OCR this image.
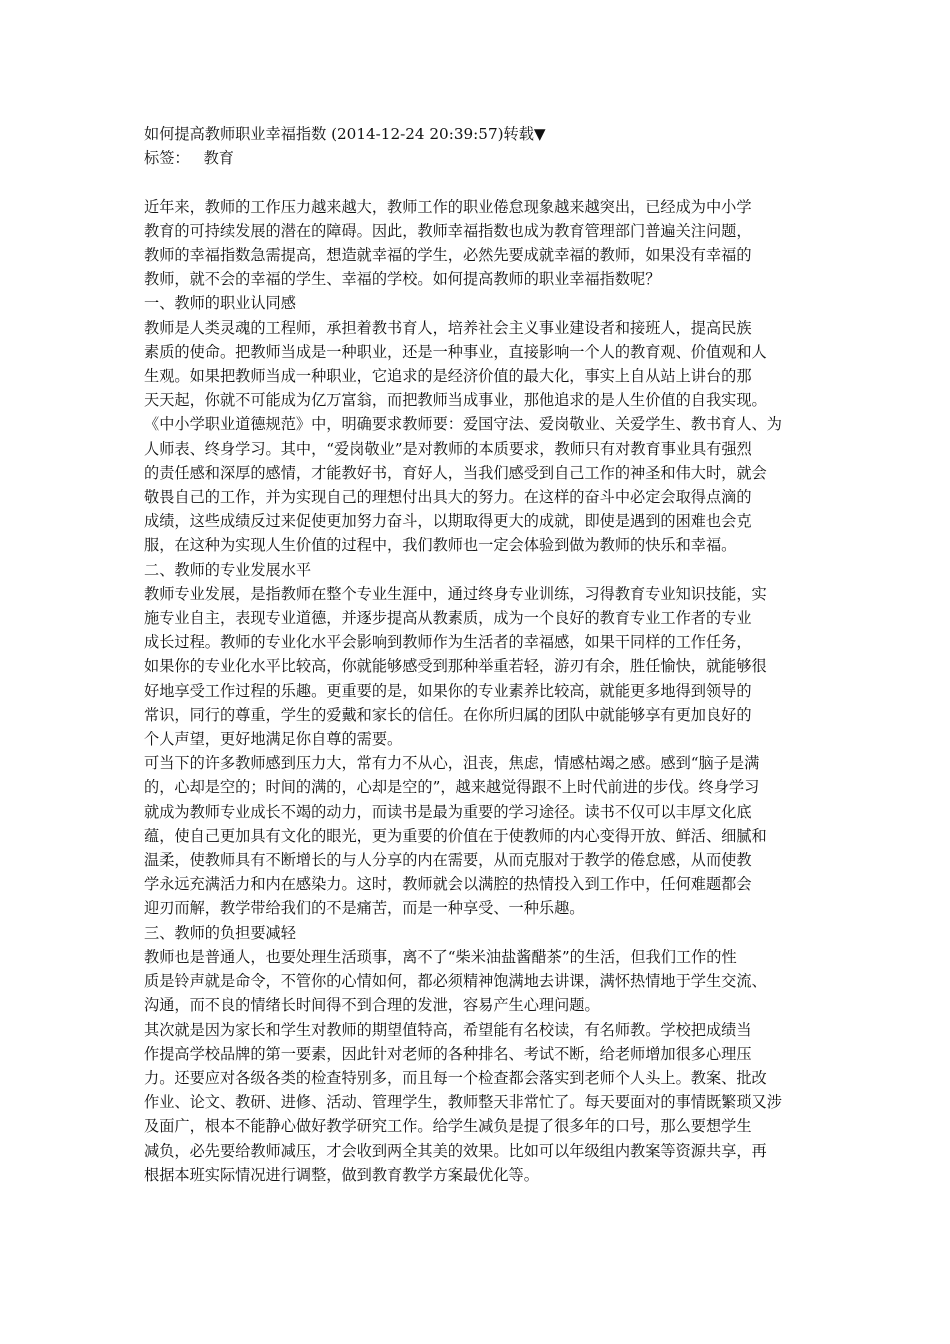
如何提高教师职业幸福指数 (2014-12-24 20:39:57)转载▼
标签： 教育
近年来，教师的工作压力越来越大，教师工作的职业倦怠现象越来越突出，已经成为中小学
教育的可持续发展的潜在的障碍。因此，教师幸福指数也成为教育管理部门普遍关注问题，
教师的幸福指数急需提高，想造就幸福的学生，必然先要成就幸福的教师，如果没有幸福的
教师，就不会的幸福的学生、幸福的学校。如何提高教师的职业幸福指数呢？
一、教师的职业认同感
教师是人类灵魂的工程师，承担着教书育人，培养社会主义事业建设者和接班人，提高民族
素质的使命。把教师当成是一种职业，还是一种事业，直接影响一个人的教育观、价值观和人
生观。如果把教师当成一种职业，它追求的是经济价值的最大化，事实上自从站上讲台的那
天天起，你就不可能成为亿万富翁，而把教师当成事业，那他追求的是人生价值的自我实现。
《中小学职业道德规范》中，明确要求教师要：爱国守法、爱岗敬业、关爱学生、教书育人、为
人师表、终身学习。其中，“爱岗敬业”是对教师的本质要求，教师只有对教育事业具有强烈
的责任感和深厚的感情，才能教好书，育好人，当我们感受到自己工作的神圣和伟大时，就会
敬畏自己的工作，并为实现自己的理想付出具大的努力。在这样的奋斗中必定会取得点滴的
成绩，这些成绩反过来促使更加努力奋斗，以期取得更大的成就，即使是遇到的困难也会克
服，在这种为实现人生价值的过程中，我们教师也一定会体验到做为教师的快乐和幸福。
二、教师的专业发展水平
教师专业发展，是指教师在整个专业生涯中，通过终身专业训练，习得教育专业知识技能，实
施专业自主，表现专业道德，并逐步提高从教素质，成为一个良好的教育专业工作者的专业
成长过程。教师的专业化水平会影响到教师作为生活者的幸福感，如果干同样的工作任务，
如果你的专业化水平比较高，你就能够感受到那种举重若轻，游刃有余，胜任愉快，就能够很
好地享受工作过程的乐趣。更重要的是，如果你的专业素养比较高，就能更多地得到领导的
常识，同行的尊重，学生的爱戴和家长的信任。在你所归属的团队中就能够享有更加良好的
个人声望，更好地满足你自尊的需要。
可当下的许多教师感到压力大，常有力不从心，沮丧，焦虑，情感枯竭之感。感到“脑子是满
的，心却是空的；时间的满的，心却是空的”，越来越觉得跟不上时代前进的步伐。终身学习
就成为教师专业成长不竭的动力，而读书是最为重要的学习途径。读书不仅可以丰厚文化底
蕴，使自己更加具有文化的眼光，更为重要的价值在于使教师的内心变得开放、鲜活、细腻和
温柔，使教师具有不断增长的与人分享的内在需要，从而克服对于教学的倦怠感，从而使教
学永远充满活力和内在感染力。这时，教师就会以满腔的热情投入到工作中，任何难题都会
迎刃而解，教学带给我们的不是痛苦，而是一种享受、一种乐趣。
三、教师的负担要减轻
教师也是普通人，也要处理生活琐事，离不了“柴米油盐酱醋茶”的生活，但我们工作的性
质是铃声就是命令，不管你的心情如何，都必须精神饱满地去讲课，满怀热情地于学生交流、
沟通，而不良的情绪长时间得不到合理的发泄，容易产生心理问题。
其次就是因为家长和学生对教师的期望值特高，希望能有名校读，有名师教。学校把成绩当
作提高学校品牌的第一要素，因此针对老师的各种排名、考试不断，给老师增加很多心理压
力。还要应对各级各类的检查特别多，而且每一个检查都会落实到老师个人头上。教案、批改
作业、论文、教研、进修、活动、管理学生，教师整天非常忙了。每天要面对的事情既繁琐又涉
及面广，根本不能静心做好教学研究工作。给学生减负是提了很多年的口号，那么要想学生
减负，必先要给教师减压，才会收到两全其美的效果。比如可以年级组内教案等资源共享，再
根据本班实际情况进行调整，做到教育教学方案最优化等。
